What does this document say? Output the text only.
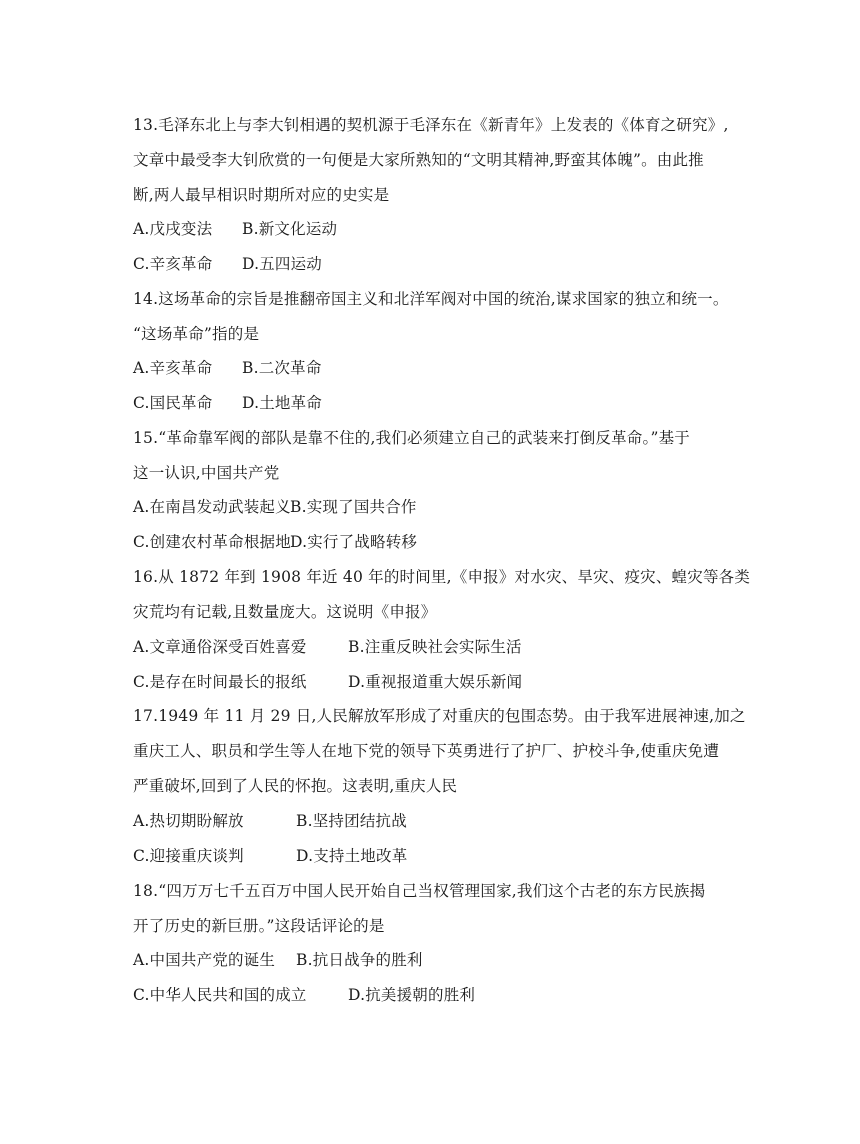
13.毛泽东北上与李大钊相遇的契机源于毛泽东在《新青年》上发表的《体育之研究》,
文章中最受李大钊欣赏的一句便是大家所熟知的“文明其精神,野蛮其体魄”。由此推
断,两人最早相识时期所对应的史实是
A.戊戌变法 B.新文化运动
C.辛亥革命 D.五四运动
14.这场革命的宗旨是推翻帝国主义和北洋军阀对中国的统治,谋求国家的独立和统一。
“这场革命”指的是
A.辛亥革命 B.二次革命
C.国民革命 D.土地革命
15.“革命靠军阀的部队是靠不住的,我们必须建立自己的武装来打倒反革命。”基于
这一认识,中国共产党
A.在南昌发动武装起义 B.实现了国共合作
C.创建农村革命根据地 D.实行了战略转移
16.从 1872 年到 1908 年近 40 年的时间里,《申报》对水灾、旱灾、疫灾、蝗灾等各类
灾荒均有记载,且数量庞大。这说明《申报》
A.文章通俗深受百姓喜爱	B.注重反映社会实际生活
C.是存在时间最长的报纸	D.重视报道重大娱乐新闻
17.1949 年 11 月 29 日,人民解放军形成了对重庆的包围态势。由于我军进展神速,加之
重庆工人、职员和学生等人在地下党的领导下英勇进行了护厂、护校斗争,使重庆免遭
严重破坏,回到了人民的怀抱。这表明,重庆人民
A.热切期盼解放	B.坚持团结抗战
C.迎接重庆谈判	D.支持土地改革
18.“四万万七千五百万中国人民开始自己当权管理国家,我们这个古老的东方民族揭
开了历史的新巨册。”这段话评论的是
A.中国共产党的诞生 B.抗日战争的胜利
C.中华人民共和国的成立	D.抗美援朝的胜利
